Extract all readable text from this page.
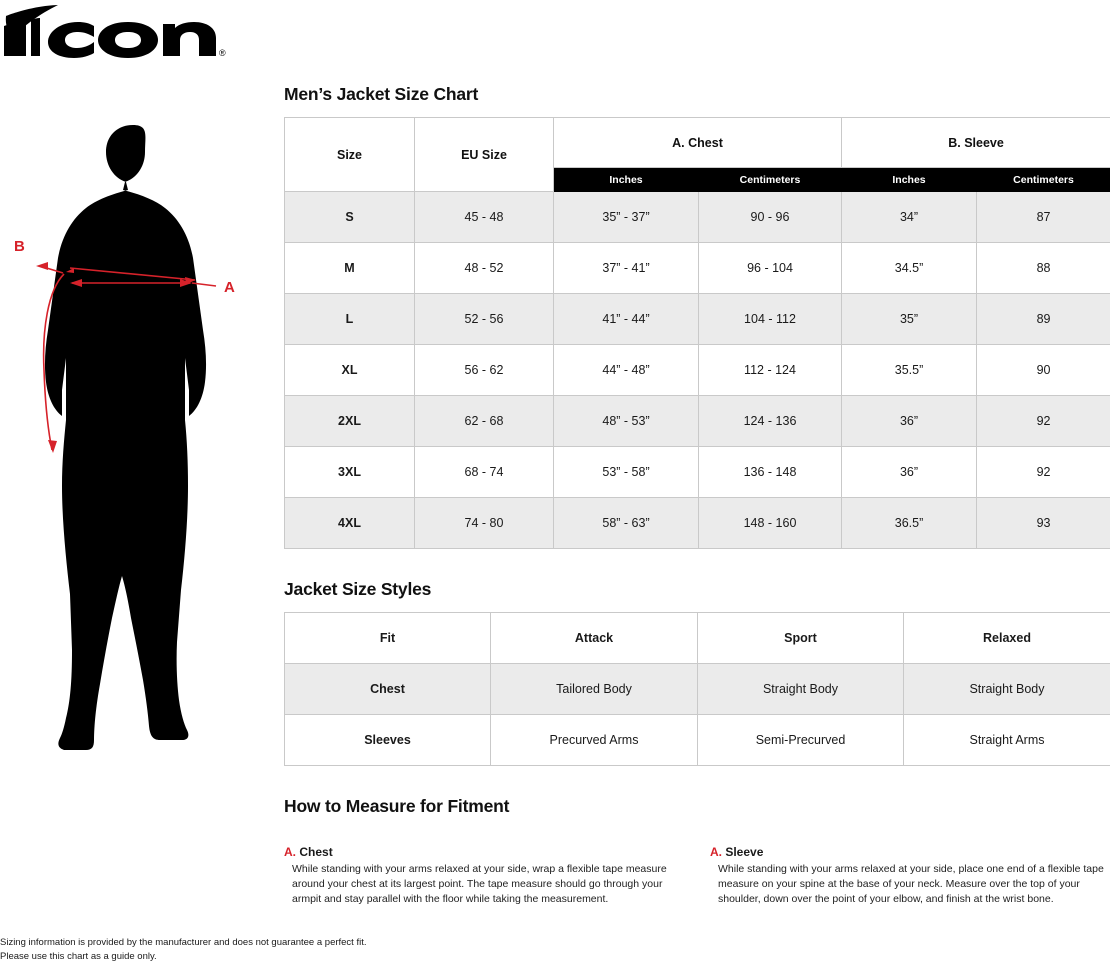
®
B
A
Men’s Jacket Size Chart
Size	EU Size	A. Chest		B. Sleeve	
		Inches	Centimeters	Inches	Centimeters
S	45 - 48	35” - 37”	90 - 96	34”	87
M	48 - 52	37” - 41”	96 - 104	34.5”	88
L	52 - 56	41” - 44”	104 - 112	35”	89
XL	56 - 62	44” - 48”	112 - 124	35.5”	90
2XL	62 - 68	48” - 53”	124 - 136	36”	92
3XL	68 - 74	53” - 58”	136 - 148	36”	92
4XL	74 - 80	58” - 63”	148 - 160	36.5”	93
Jacket Size Styles
Fit	Attack	Sport	Relaxed
Chest	Tailored Body	Straight Body	Straight Body
Sleeves	Precurved Arms	Semi-Precurved	Straight Arms
How to Measure for Fitment
A. Chest
While standing with your arms relaxed at your side, wrap a flexible tape measure around your chest at its largest point. The tape measure should go through your armpit and stay parallel with the floor while taking the measurement.
A. Sleeve
While standing with your arms relaxed at your side, place one end of a flexible tape measure on your spine at the base of your neck. Measure over the top of your shoulder, down over the point of your elbow, and finish at the wrist bone.
Sizing information is provided by the manufacturer and does not guarantee a perfect fit.
Please use this chart as a guide only.
